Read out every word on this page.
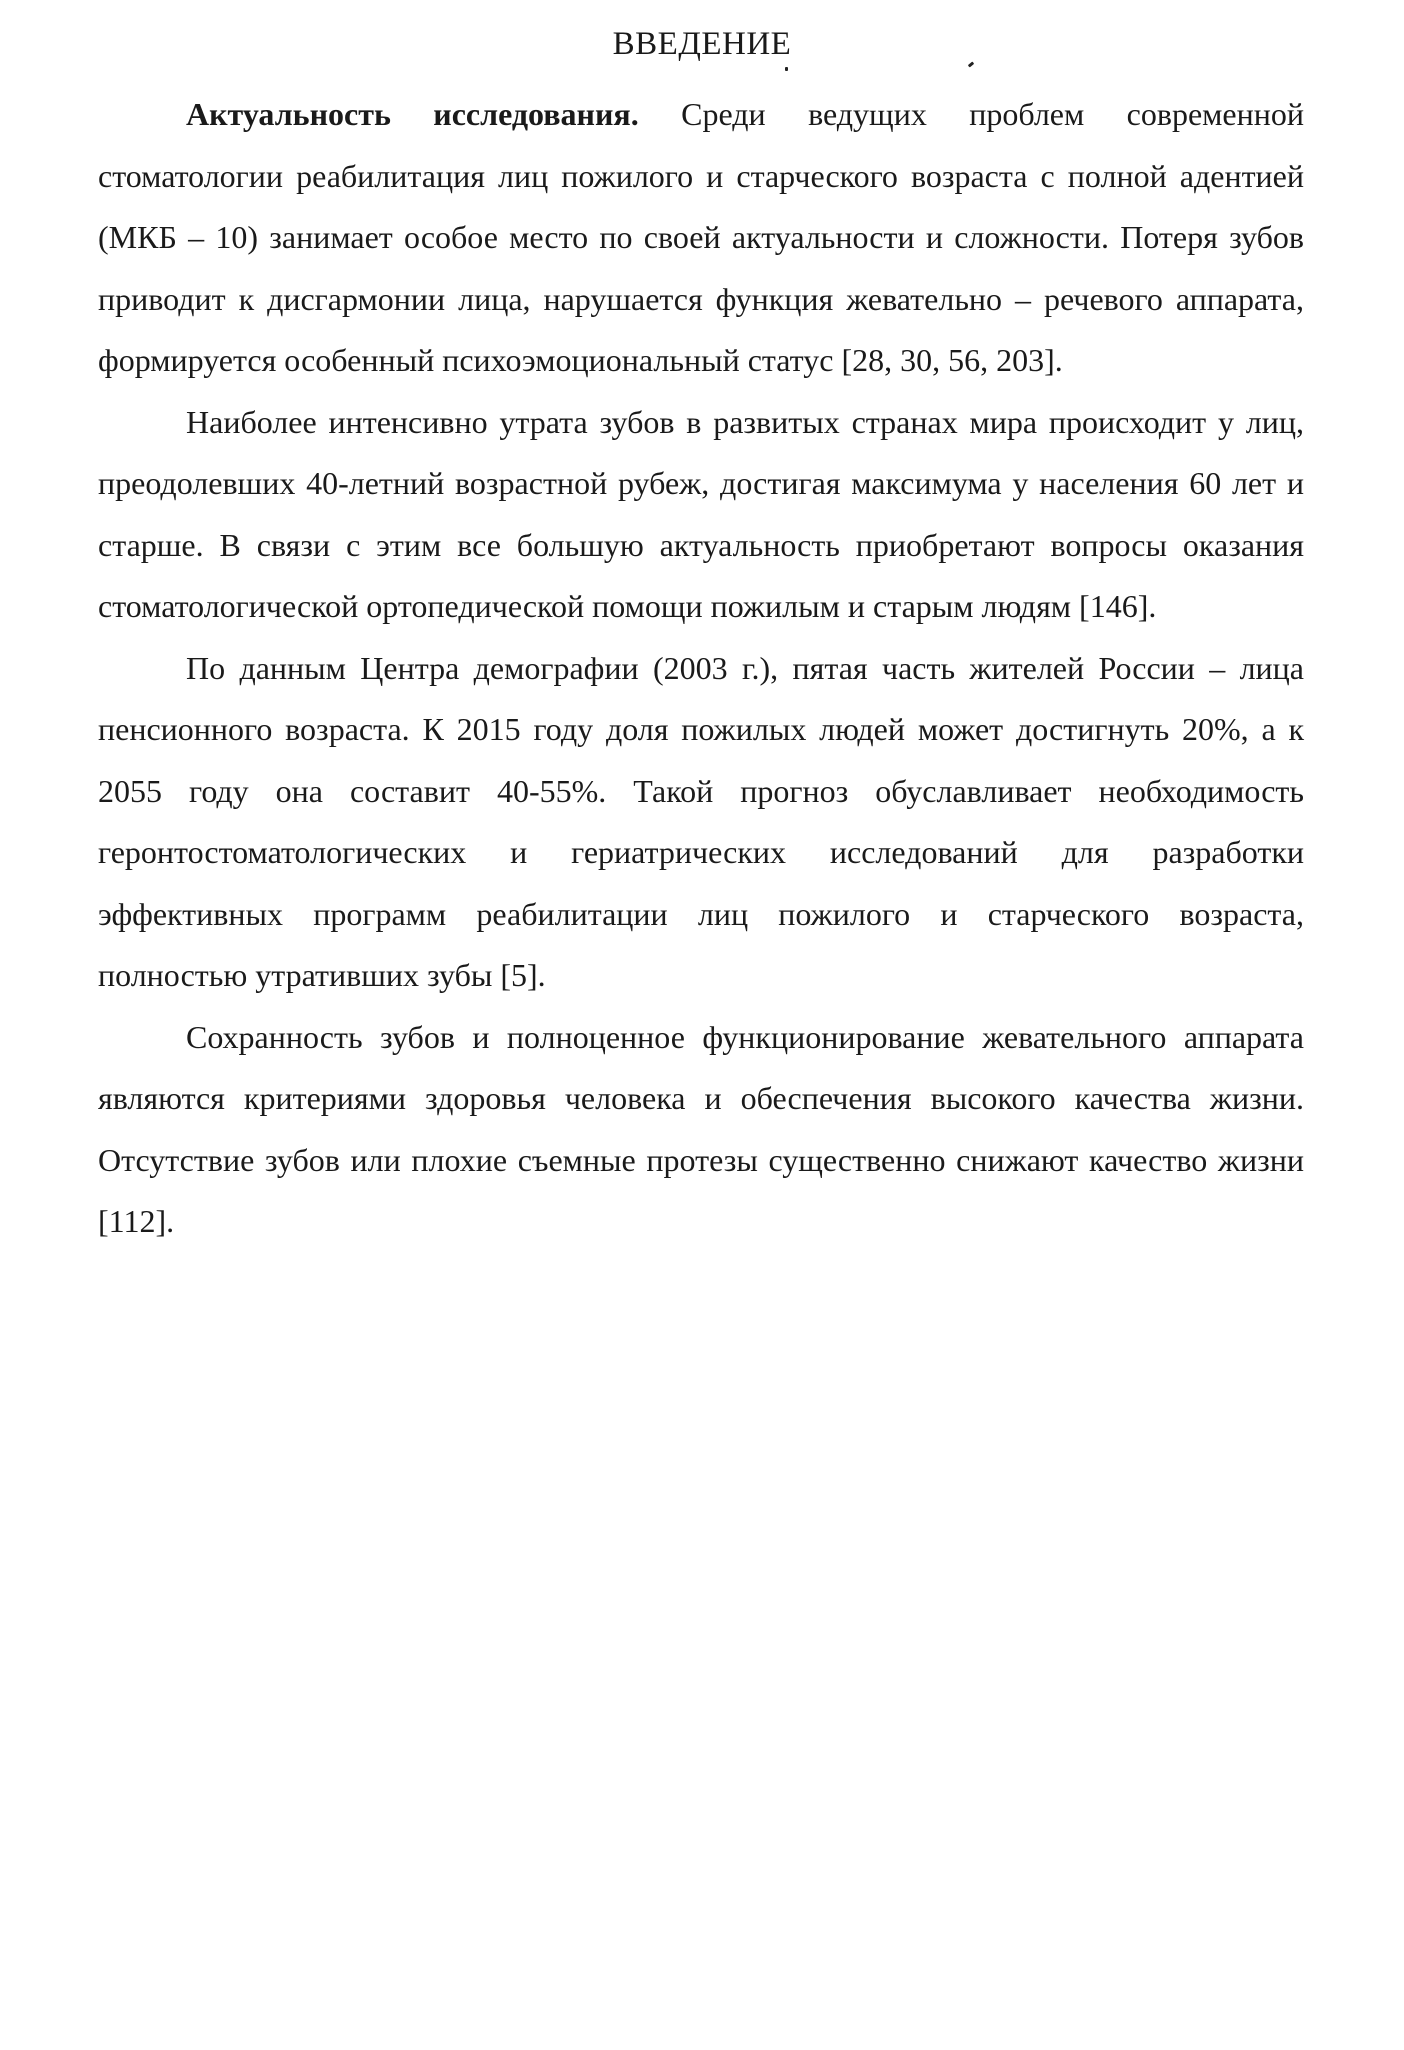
ВВЕДЕНИЕ

Актуальность исследования. Среди ведущих проблем современной стоматологии реабилитация лиц пожилого и старческого возраста с полной адентией (МКБ – 10) занимает особое место по своей актуальности и сложности. Потеря зубов приводит к дисгармонии лица, нарушается функция жевательно – речевого аппарата, формируется особенный психоэмоциональный статус [28, 30, 56, 203].

Наиболее интенсивно утрата зубов в развитых странах мира происходит у лиц, преодолевших 40-летний возрастной рубеж, достигая максимума у населения 60 лет и старше. В связи с этим все большую актуальность приобретают вопросы оказания стоматологической ортопедической помощи пожилым и старым людям [146].

По данным Центра демографии (2003 г.), пятая часть жителей России – лица пенсионного возраста. К 2015 году доля пожилых людей может достигнуть 20%, а к 2055 году она составит 40-55%. Такой прогноз обуславливает необходимость геронтостоматологических и гериатрических исследований для разработки эффективных программ реабилитации лиц пожилого и старческого возраста, полностью утративших зубы [5].

Сохранность зубов и полноценное функционирование жевательного аппарата являются критериями здоровья человека и обеспечения высокого качества жизни. Отсутствие зубов или плохие съемные протезы существенно снижают качество жизни [112].
